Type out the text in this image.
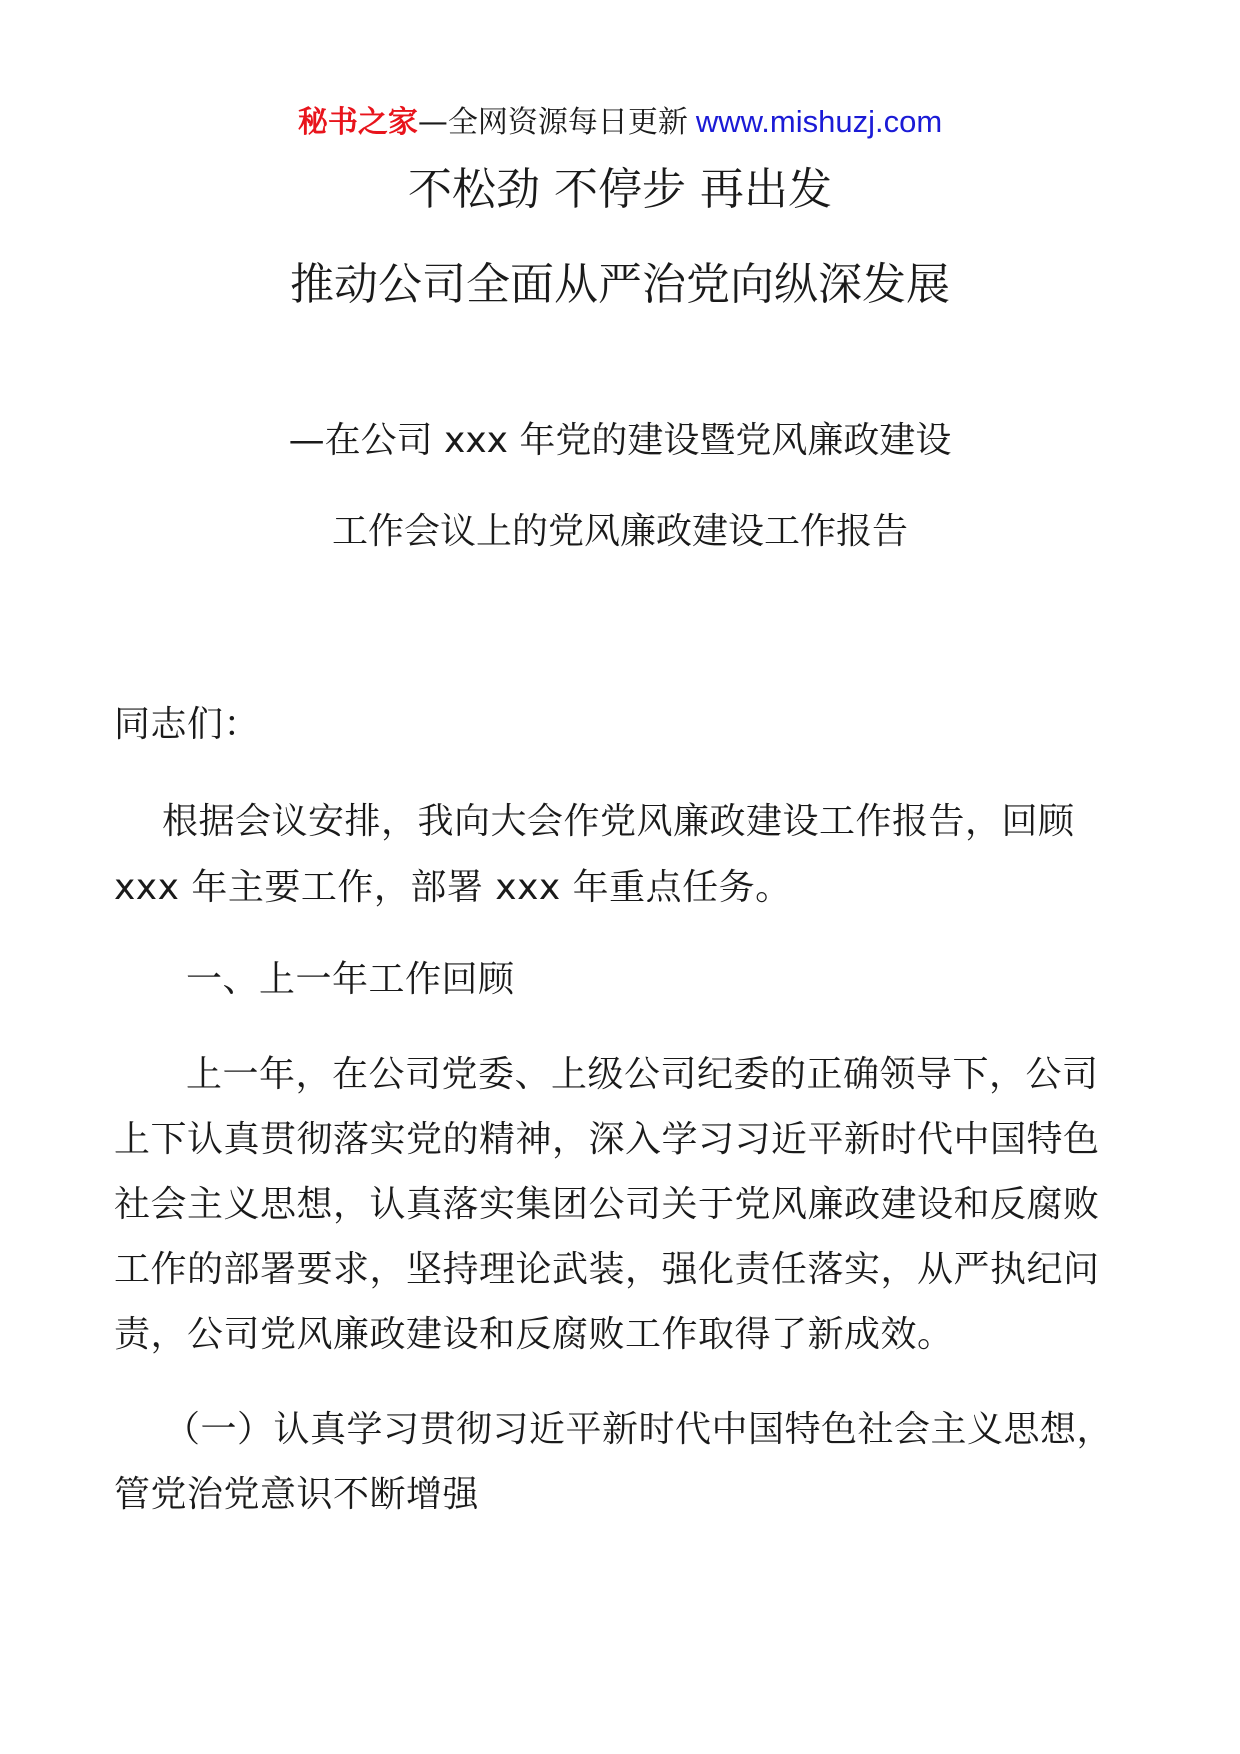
秘书之家—全网资源每日更新 www.mishuzj.com
不松劲 不停步 再出发
推动公司全面从严治党向纵深发展
—在公司 xxx 年党的建设暨党风廉政建设
工作会议上的党风廉政建设工作报告
同志们：
根据会议安排，我向大会作党风廉政建设工作报告，回顾
xxx 年主要工作，部署 xxx 年重点任务。
一、上一年工作回顾
上一年，在公司党委、上级公司纪委的正确领导下，公司
上下认真贯彻落实党的精神，深入学习习近平新时代中国特色
社会主义思想，认真落实集团公司关于党风廉政建设和反腐败
工作的部署要求，坚持理论武装，强化责任落实，从严执纪问
责，公司党风廉政建设和反腐败工作取得了新成效。
（一）认真学习贯彻习近平新时代中国特色社会主义思想，
管党治党意识不断增强
